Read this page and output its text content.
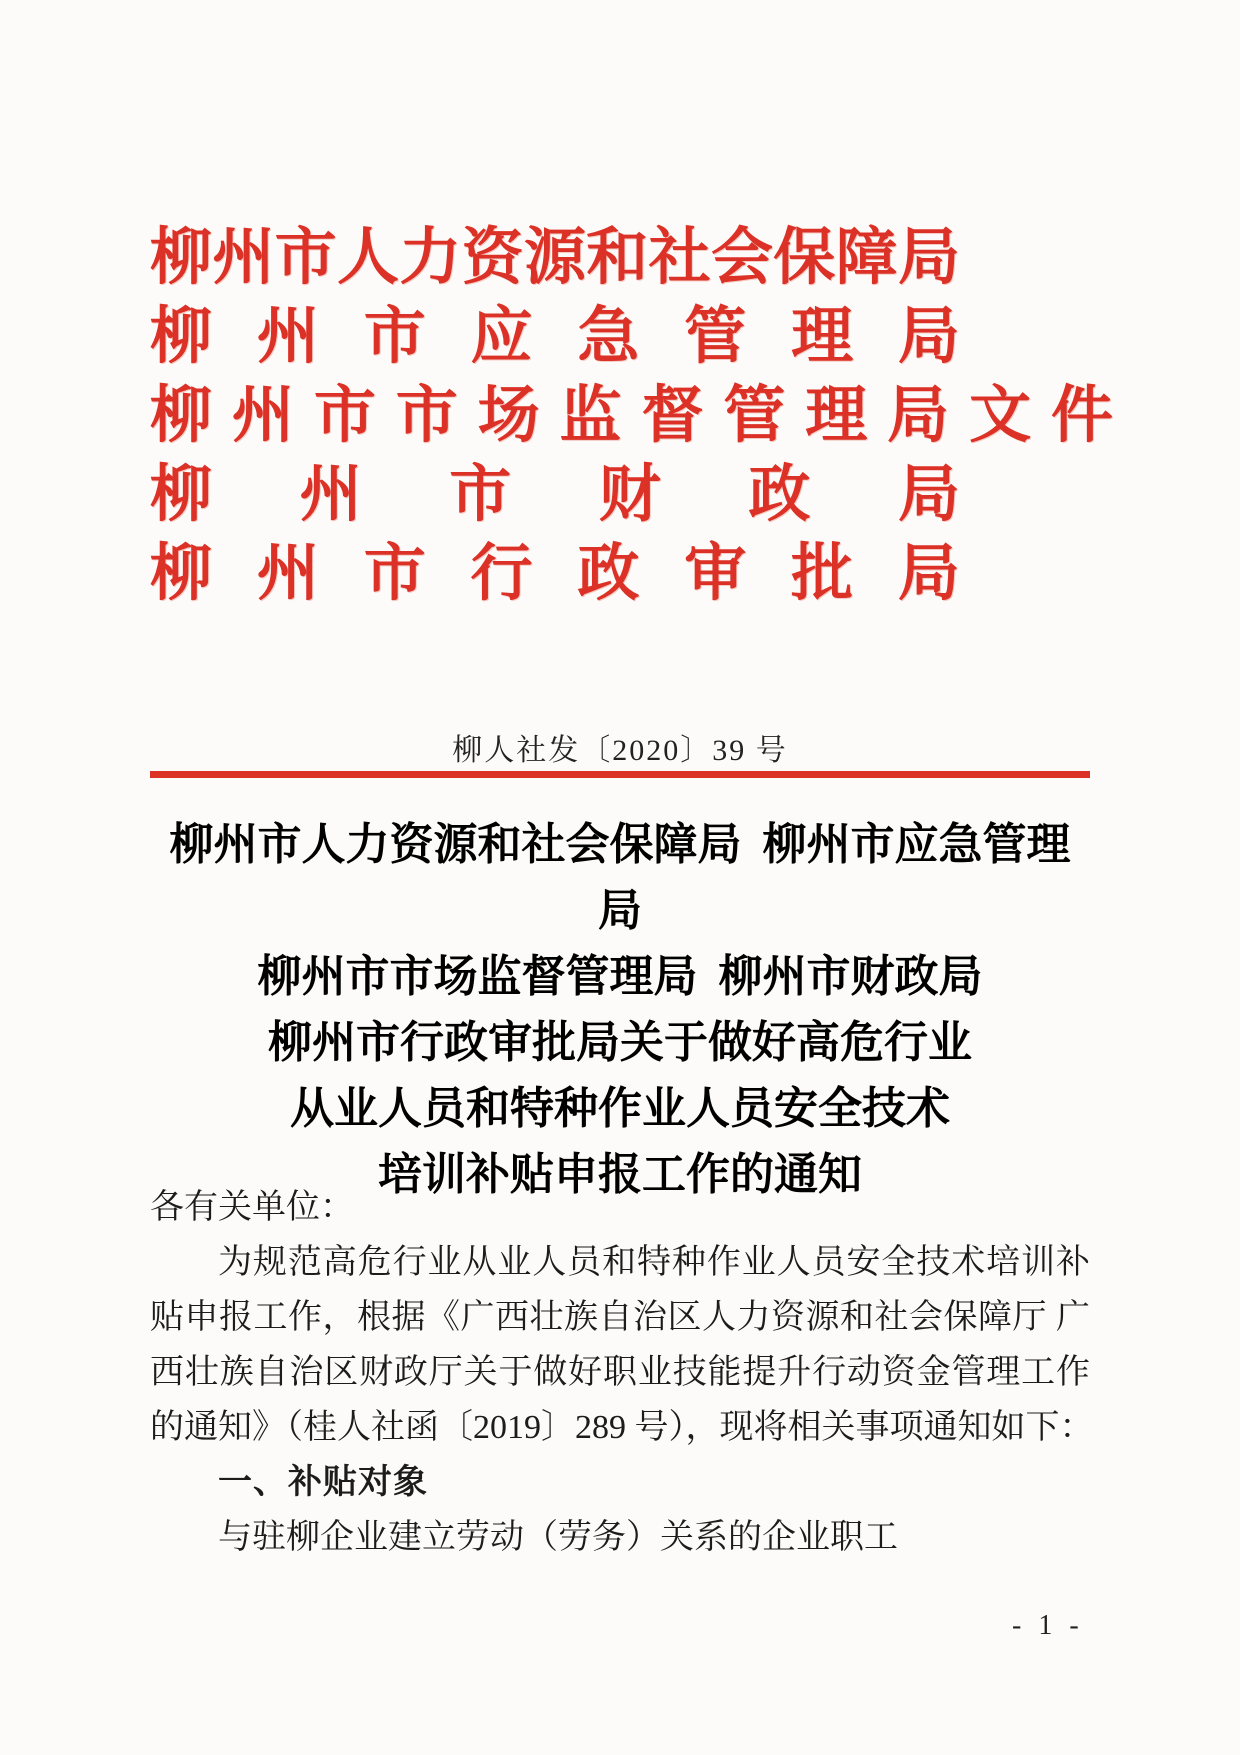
柳 州 市 人 力 资 源 和 社 会 保 障 局
柳 州 市 应 急 管 理 局
柳 州 市 市 场 监 督 管 理 局 文 件
柳 州 市 财 政 局
柳 州 市 行 政 审 批 局
柳人社发〔2020〕39 号
柳州市人力资源和社会保障局 柳州市应急管理局
柳州市市场监督管理局 柳州市财政局
柳州市行政审批局关于做好高危行业
从业人员和特种作业人员安全技术
培训补贴申报工作的通知
各有关单位：
为规范高危行业从业人员和特种作业人员安全技术培训补
贴申报工作，根据《广西壮族自治区人力资源和社会保障厅 广
西壮族自治区财政厅关于做好职业技能提升行动资金管理工作
的通知》（桂人社函〔2019〕289 号），现将相关事项通知如下：
一、补贴对象
与驻柳企业建立劳动（劳务）关系的企业职工
- 1 -
